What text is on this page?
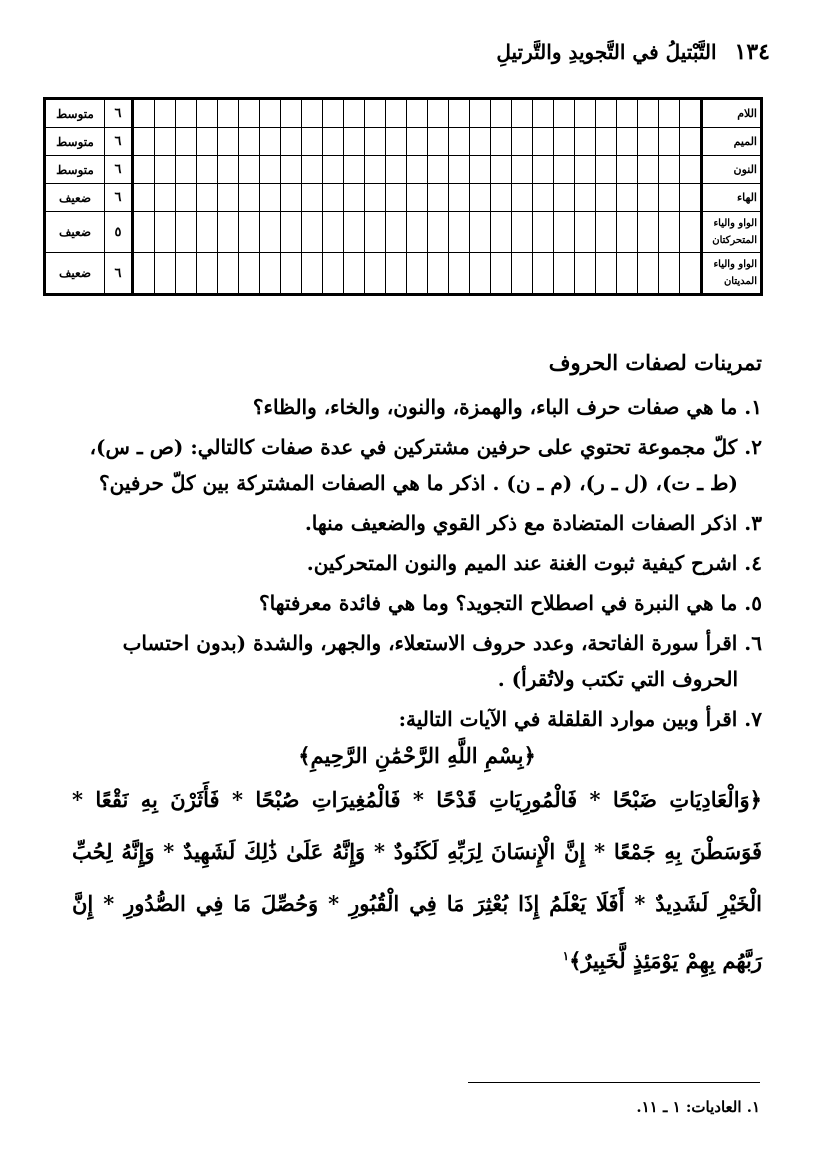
١٣٤
التَّبْتيلُ في التَّجويدِ والتَّرتيلِ
اللام																												٦	متوسط
الميم																												٦	متوسط
النون																												٦	متوسط
الهاء																												٦	ضعيف
الواو والياء المتحركتان																												٥	ضعيف
الواو والياء المديتان																												٦	ضعيف
تمرينات لصفات الحروف
١. ما هي صفات حرف الباء، والهمزة، والنون، والخاء، والظاء؟
٢. كلّ مجموعة تحتوي على حرفين مشتركين في عدة صفات كالتالي: (ص ـ س)،
(ط ـ ت)، (ل ـ ر)، (م ـ ن) . اذكر ما هي الصفات المشتركة بين كلّ حرفين؟
٣. اذكر الصفات المتضادة مع ذكر القوي والضعيف منها.
٤. اشرح كيفية ثبوت الغنة عند الميم والنون المتحركين.
٥. ما هي النبرة في اصطلاح التجويد؟ وما هي فائدة معرفتها؟
٦. اقرأ سورة الفاتحة، وعدد حروف الاستعلاء، والجهر، والشدة (بدون احتساب
الحروف التي تكتب ولاتُقرأ) .
٧. اقرأ وبين موارد القلقلة في الآيات التالية:
﴿بِسْمِ اللَّهِ الرَّحْمَٰنِ الرَّحِيمِ﴾
﴿وَالْعَادِيَاتِ ضَبْحًا * فَالْمُورِيَاتِ قَدْحًا * فَالْمُغِيرَاتِ صُبْحًا * فَأَثَرْنَ بِهِ نَقْعًا * فَوَسَطْنَ بِهِ جَمْعًا * إِنَّ الْإِنسَانَ لِرَبِّهِ لَكَنُودٌ * وَإِنَّهُ عَلَىٰ ذَٰلِكَ لَشَهِيدٌ * وَإِنَّهُ لِحُبِّ الْخَيْرِ لَشَدِيدٌ * أَفَلَا يَعْلَمُ إِذَا بُعْثِرَ مَا فِي الْقُبُورِ * وَحُصِّلَ مَا فِي الصُّدُورِ * إِنَّ رَبَّهُم بِهِمْ يَوْمَئِذٍ لَّخَبِيرٌ﴾$^١$
١. العاديات: ١ ـ ١١.
